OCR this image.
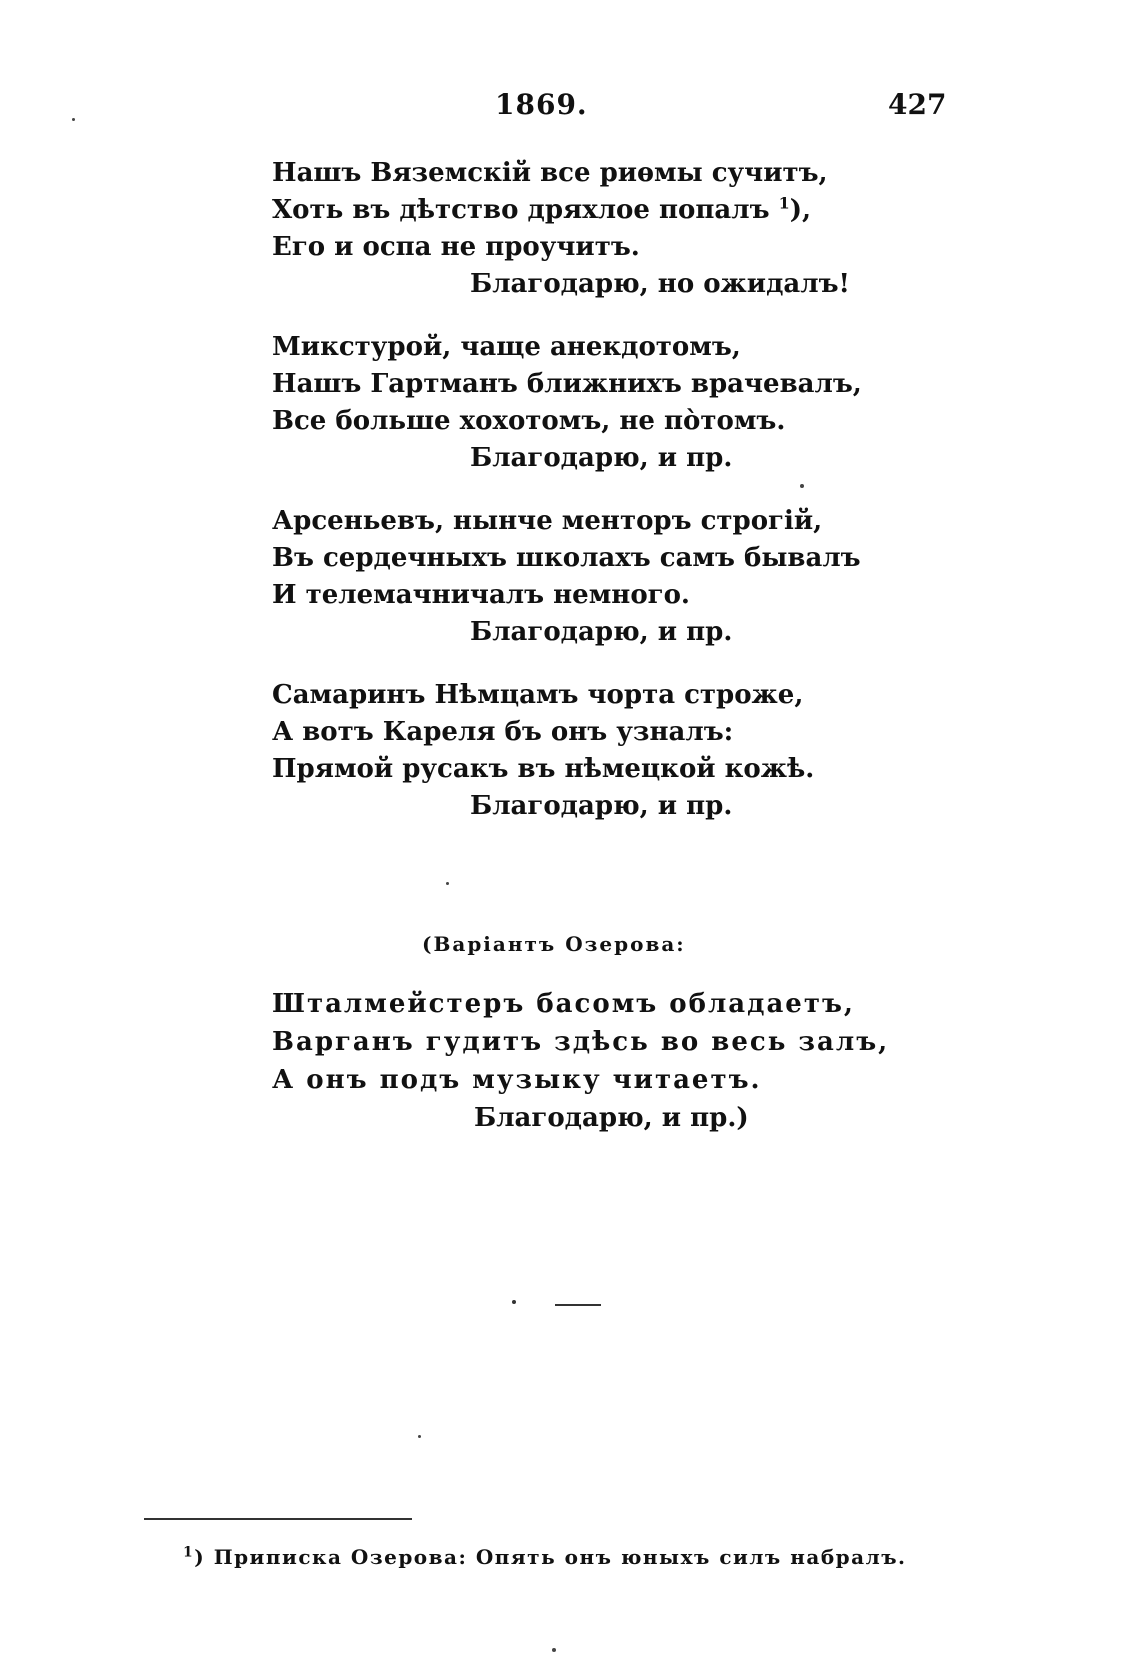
1869.	427
Нашъ Вяземскій все риѳмы сучитъ,
Хоть въ дѣтство дряхлое попалъ $^1$),
Его и оспа не проучитъ.
Благодарю, но ожидалъ!
Микстурой, чаще анекдотомъ,
Нашъ Гартманъ ближнихъ врачевалъ,
Все больше хохотомъ, не пòтомъ.
Благодарю, и пр.
Арсеньевъ, нынче менторъ строгій,
Въ сердечныхъ школахъ самъ бывалъ
И телемачничалъ немного.
Благодарю, и пр.
Самаринъ Нѣмцамъ чорта строже,
А вотъ Кареля бъ онъ узналъ:
Прямой русакъ въ нѣмецкой кожѣ.
Благодарю, и пр.
(Варiантъ Озерова:
Шталмейстеръ басомъ обладаетъ,
Варганъ гудитъ здѣсь во весь залъ,
А онъ подъ музыку читаетъ.
Благодарю, и пр.)
$^1$) Приписка Озерова: Опять онъ юныхъ силъ набралъ.
